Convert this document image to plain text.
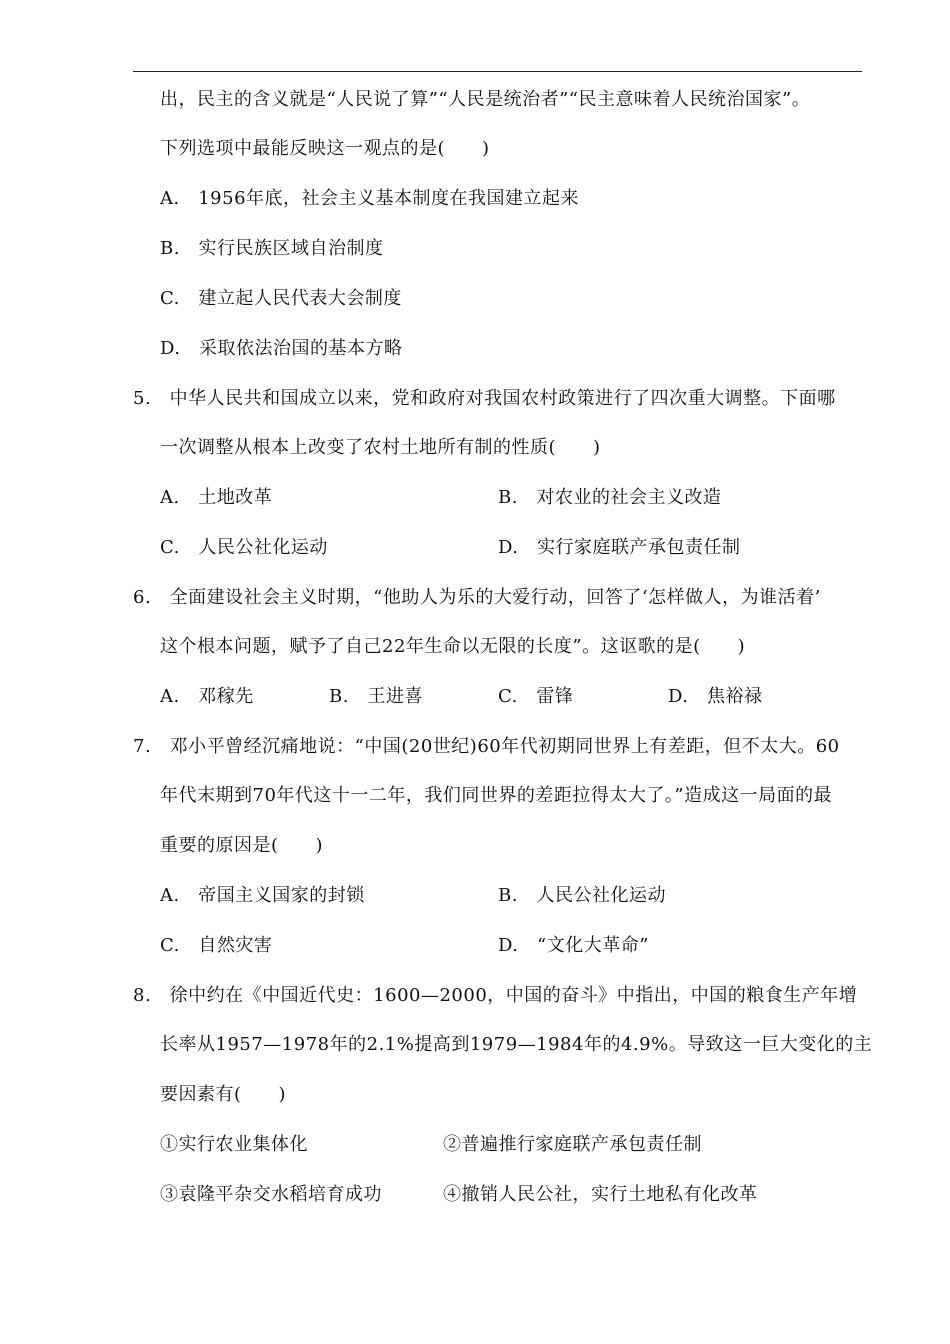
出，民主的含义就是“人民说了算”“人民是统治者”“民主意味着人民统治国家”。
下列选项中最能反映这一观点的是(　　)
A.　1956年底，社会主义基本制度在我国建立起来
B.　实行民族区域自治制度
C.　建立起人民代表大会制度
D.　采取依法治国的基本方略
5.　中华人民共和国成立以来，党和政府对我国农村政策进行了四次重大调整。下面哪
一次调整从根本上改变了农村土地所有制的性质(　　)
A.　土地改革	B.　对农业的社会主义改造
C.　人民公社化运动	D.　实行家庭联产承包责任制
6.　全面建设社会主义时期，“他助人为乐的大爱行动，回答了‘怎样做人，为谁活着’
这个根本问题，赋予了自己22年生命以无限的长度”。这讴歌的是(　　)
A.　邓稼先	B.　王进喜	C.　雷锋	D.　焦裕禄
7.　邓小平曾经沉痛地说：“中国(20世纪)60年代初期同世界上有差距，但不太大。60
年代末期到70年代这十一二年，我们同世界的差距拉得太大了。”造成这一局面的最
重要的原因是(　　)
A.　帝国主义国家的封锁	B.　人民公社化运动
C.　自然灾害	D.　“文化大革命”
8.　徐中约在《中国近代史：1600—2000，中国的奋斗》中指出，中国的粮食生产年增
长率从1957—1978年的2.1%提高到1979—1984年的4.9%。导致这一巨大变化的主
要因素有(　　)
①实行农业集体化	②普遍推行家庭联产承包责任制
③袁隆平杂交水稻培育成功	④撤销人民公社，实行土地私有化改革
